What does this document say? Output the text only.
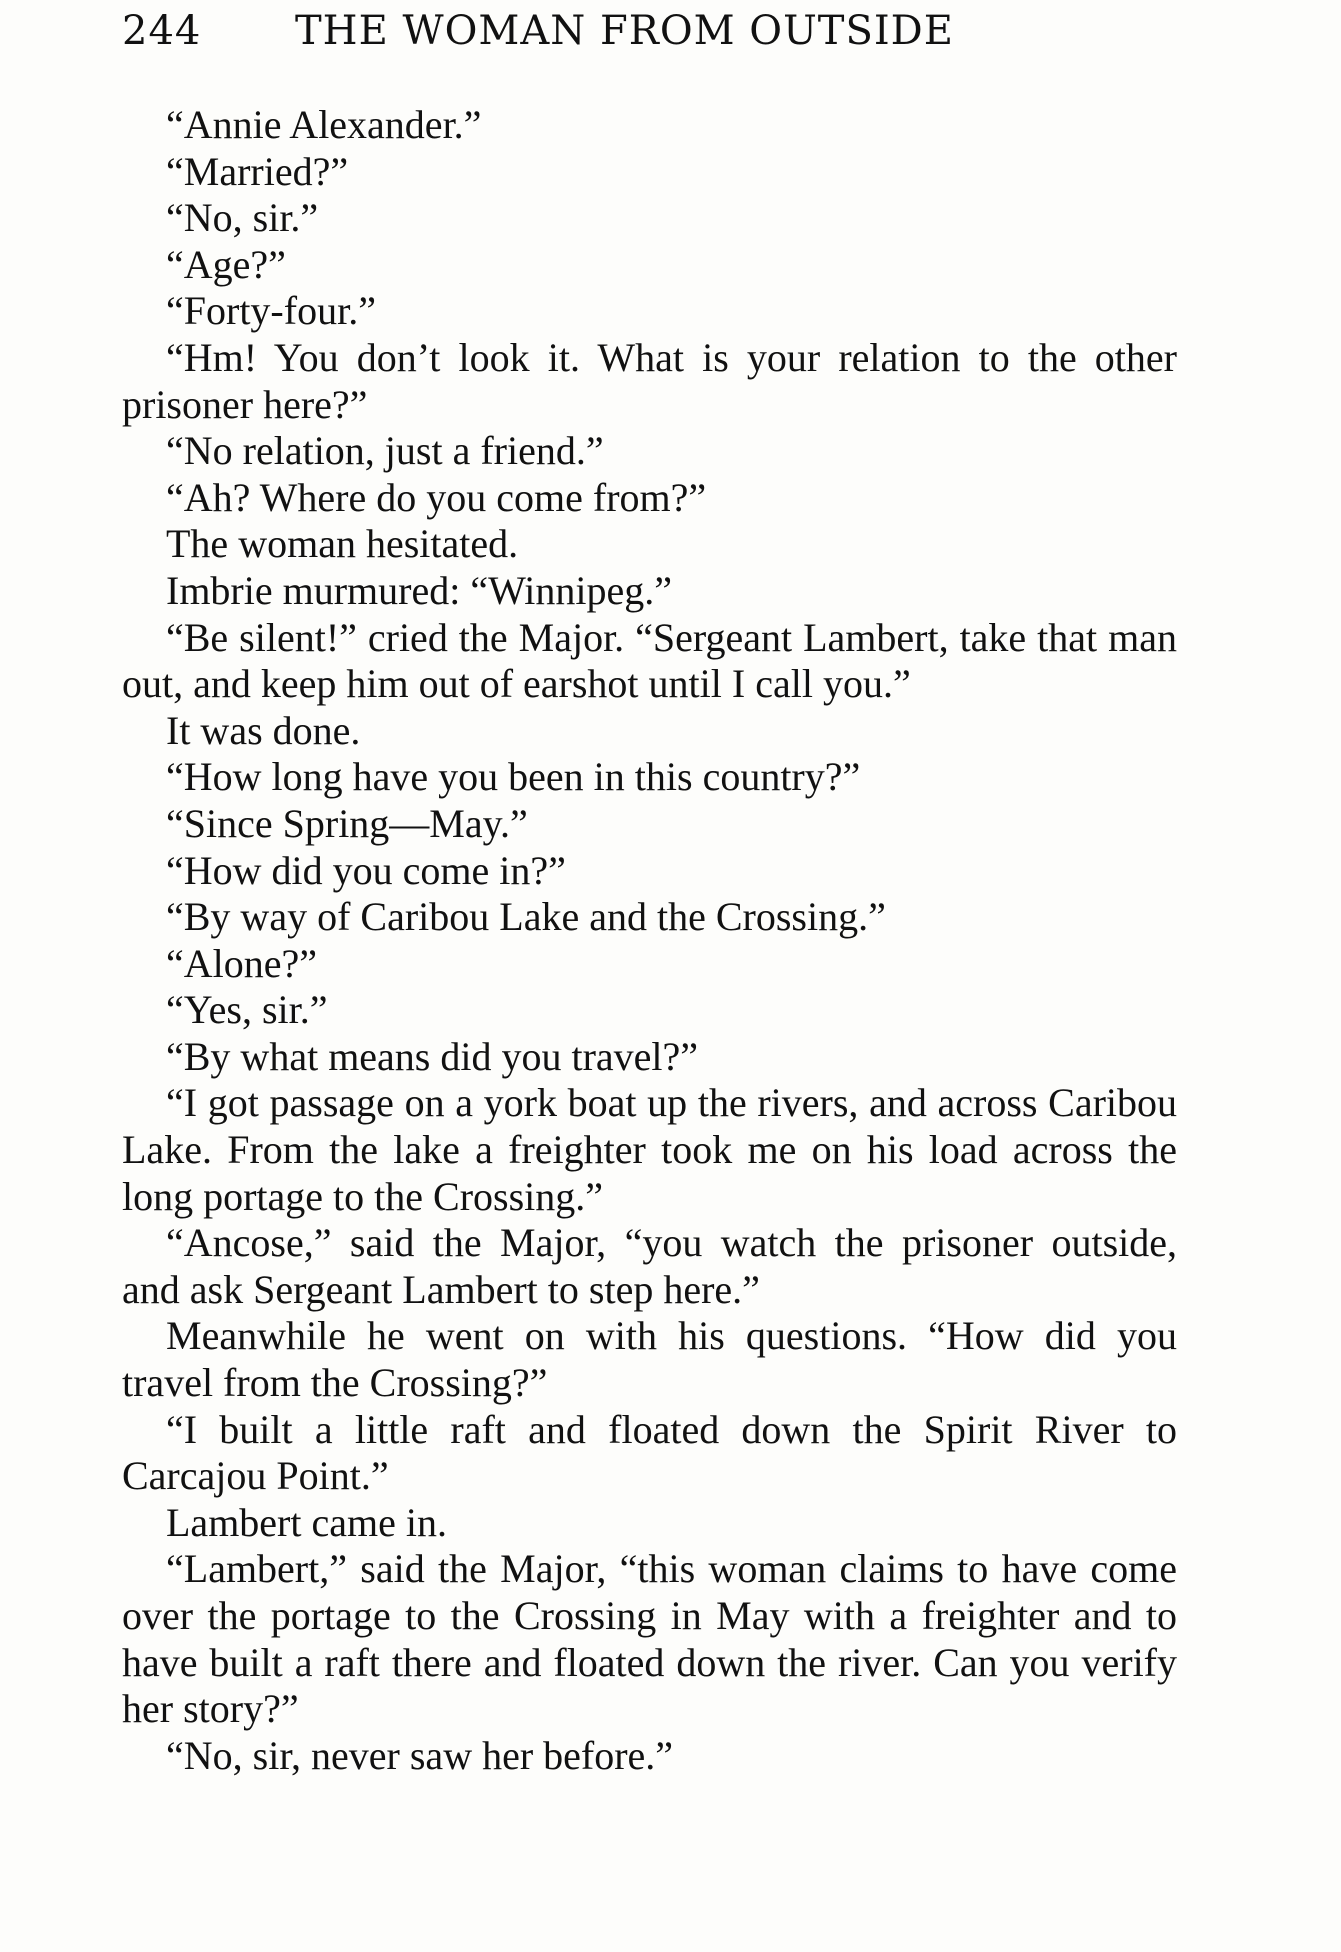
244 THE WOMAN FROM OUTSIDE

“Annie Alexander.”

“Married?”

“No, sir.”

“Age?”

“Forty-four.”

“Hm! You don’t look it. What is your relation to the other prisoner here?”

“No relation, just a friend.”

“Ah? Where do you come from?”

The woman hesitated.

Imbrie murmured: “Winnipeg.”

“Be silent!” cried the Major. “Sergeant Lambert, take that man out, and keep him out of earshot until I call you.”

It was done.

“How long have you been in this country?”

“Since Spring—May.”

“How did you come in?”

“By way of Caribou Lake and the Crossing.”

“Alone?”

“Yes, sir.”

“By what means did you travel?”

“I got passage on a york boat up the rivers, and across Caribou Lake. From the lake a freighter took me on his load across the long portage to the Crossing.”

“Ancose,” said the Major, “you watch the prisoner outside, and ask Sergeant Lambert to step here.”

Meanwhile he went on with his questions. “How did you travel from the Crossing?”

“I built a little raft and floated down the Spirit River to Carcajou Point.”

Lambert came in.

“Lambert,” said the Major, “this woman claims to have come over the portage to the Crossing in May with a freighter and to have built a raft there and floated down the river. Can you verify her story?”

“No, sir, never saw her before.”
